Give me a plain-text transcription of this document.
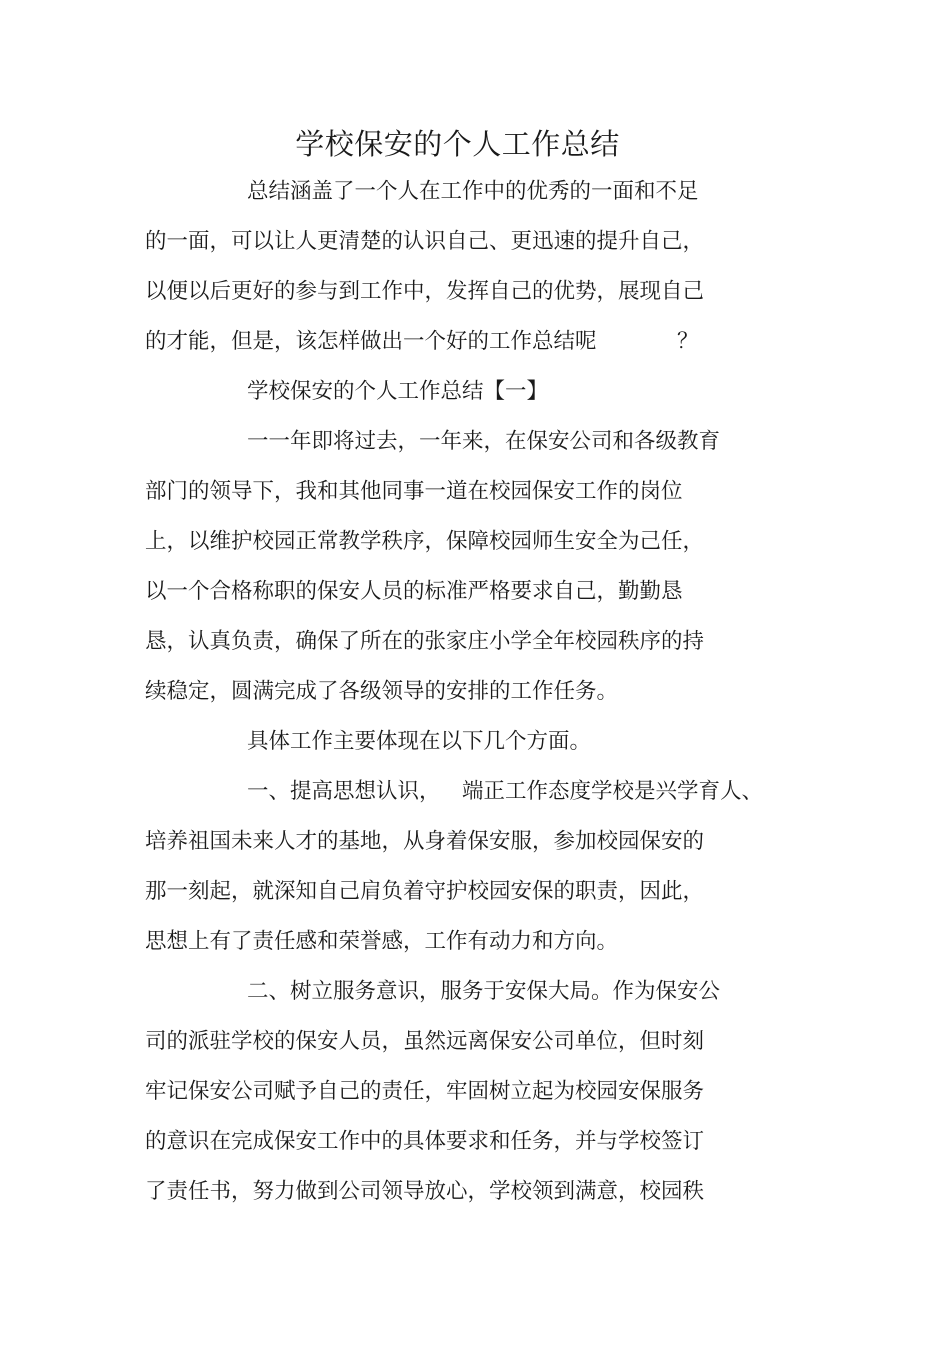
学校保安的个人工作总结
总结涵盖了一个人在工作中的优秀的一面和不足
的一面，可以让人更清楚的认识自己、更迅速的提升自己，
以便以后更好的参与到工作中，发挥自己的优势，展现自己
的才能，但是，该怎样做出一个好的工作总结呢	？
学校保安的个人工作总结【一】
一一年即将过去，一年来，在保安公司和各级教育
部门的领导下，我和其他同事一道在校园保安工作的岗位
上，以维护校园正常教学秩序，保障校园师生安全为己任，
以一个合格称职的保安人员的标准严格要求自己，勤勤恳
恳，认真负责，确保了所在的张家庄小学全年校园秩序的持
续稳定，圆满完成了各级领导的安排的工作任务。
具体工作主要体现在以下几个方面。
一、提高思想认识， 端正工作态度学校是兴学育人、
培养祖国未来人才的基地，从身着保安服，参加校园保安的
那一刻起，就深知自己肩负着守护校园安保的职责，因此，
思想上有了责任感和荣誉感，工作有动力和方向。
二、树立服务意识，服务于安保大局。作为保安公
司的派驻学校的保安人员，虽然远离保安公司单位，但时刻
牢记保安公司赋予自己的责任，牢固树立起为校园安保服务
的意识在完成保安工作中的具体要求和任务，并与学校签订
了责任书，努力做到公司领导放心，学校领到满意，校园秩
